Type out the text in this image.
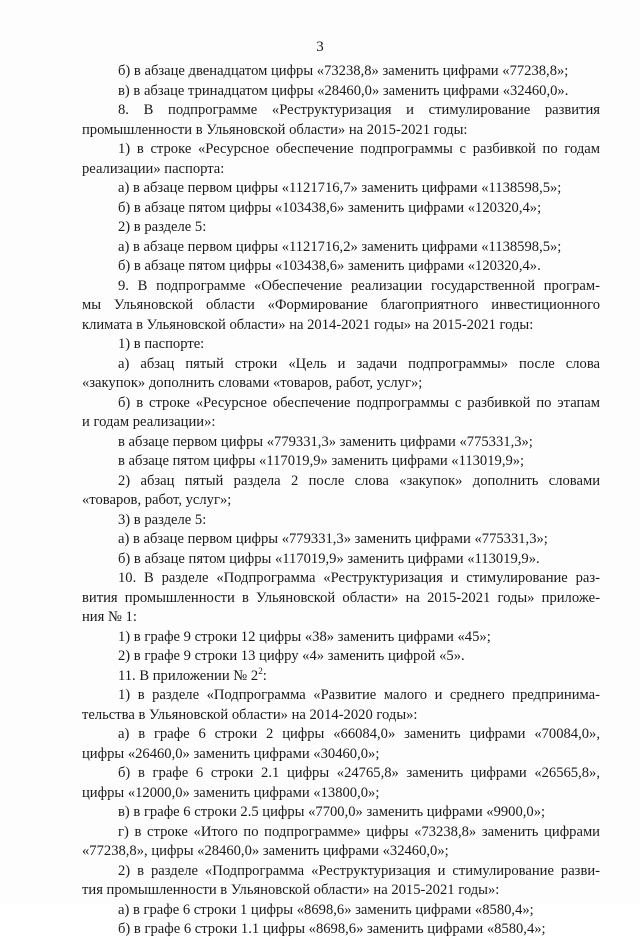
3
б) в абзаце двенадцатом цифры «73238,8» заменить цифрами «77238,8»;
в) в абзаце тринадцатом цифры «28460,0» заменить цифрами «32460,0».
8. В подпрограмме «Реструктуризация и стимулирование развития
промышленности в Ульяновской области» на 2015-2021 годы:
1) в строке «Ресурсное обеспечение подпрограммы с разбивкой по годам
реализации» паспорта:
а) в абзаце первом цифры «1121716,7» заменить цифрами «1138598,5»;
б) в абзаце пятом цифры «103438,6» заменить цифрами «120320,4»;
2) в разделе 5:
а) в абзаце первом цифры «1121716,2» заменить цифрами «1138598,5»;
б) в абзаце пятом цифры «103438,6» заменить цифрами «120320,4».
9. В подпрограмме «Обеспечение реализации государственной програм-
мы Ульяновской области «Формирование благоприятного инвестиционного
климата в Ульяновской области» на 2014-2021 годы» на 2015-2021 годы:
1) в паспорте:
а) абзац пятый строки «Цель и задачи подпрограммы» после слова
«закупок» дополнить словами «товаров, работ, услуг»;
б) в строке «Ресурсное обеспечение подпрограммы с разбивкой по этапам
и годам реализации»:
в абзаце первом цифры «779331,3» заменить цифрами «775331,3»;
в абзаце пятом цифры «117019,9» заменить цифрами «113019,9»;
2) абзац пятый раздела 2 после слова «закупок» дополнить словами
«товаров, работ, услуг»;
3) в разделе 5:
а) в абзаце первом цифры «779331,3» заменить цифрами «775331,3»;
б) в абзаце пятом цифры «117019,9» заменить цифрами «113019,9».
10. В разделе «Подпрограмма «Реструктуризация и стимулирование раз-
вития промышленности в Ульяновской области» на 2015-2021 годы» приложе-
ния № 1:
1) в графе 9 строки 12 цифры «38» заменить цифрами «45»;
2) в графе 9 строки 13 цифру «4» заменить цифрой «5».
11. В приложении № $2^2$:
1) в разделе «Подпрограмма «Развитие малого и среднего предпринима-
тельства в Ульяновской области» на 2014-2020 годы»:
а) в графе 6 строки 2 цифры «66084,0» заменить цифрами «70084,0»,
цифры «26460,0» заменить цифрами «30460,0»;
б) в графе 6 строки 2.1 цифры «24765,8» заменить цифрами «26565,8»,
цифры «12000,0» заменить цифрами «13800,0»;
в) в графе 6 строки 2.5 цифры «7700,0» заменить цифрами «9900,0»;
г) в строке «Итого по подпрограмме» цифры «73238,8» заменить цифрами
«77238,8», цифры «28460,0» заменить цифрами «32460,0»;
2) в разделе «Подпрограмма «Реструктуризация и стимулирование разви-
тия промышленности в Ульяновской области» на 2015-2021 годы»:
а) в графе 6 строки 1 цифры «8698,6» заменить цифрами «8580,4»;
б) в графе 6 строки 1.1 цифры «8698,6» заменить цифрами «8580,4»;
